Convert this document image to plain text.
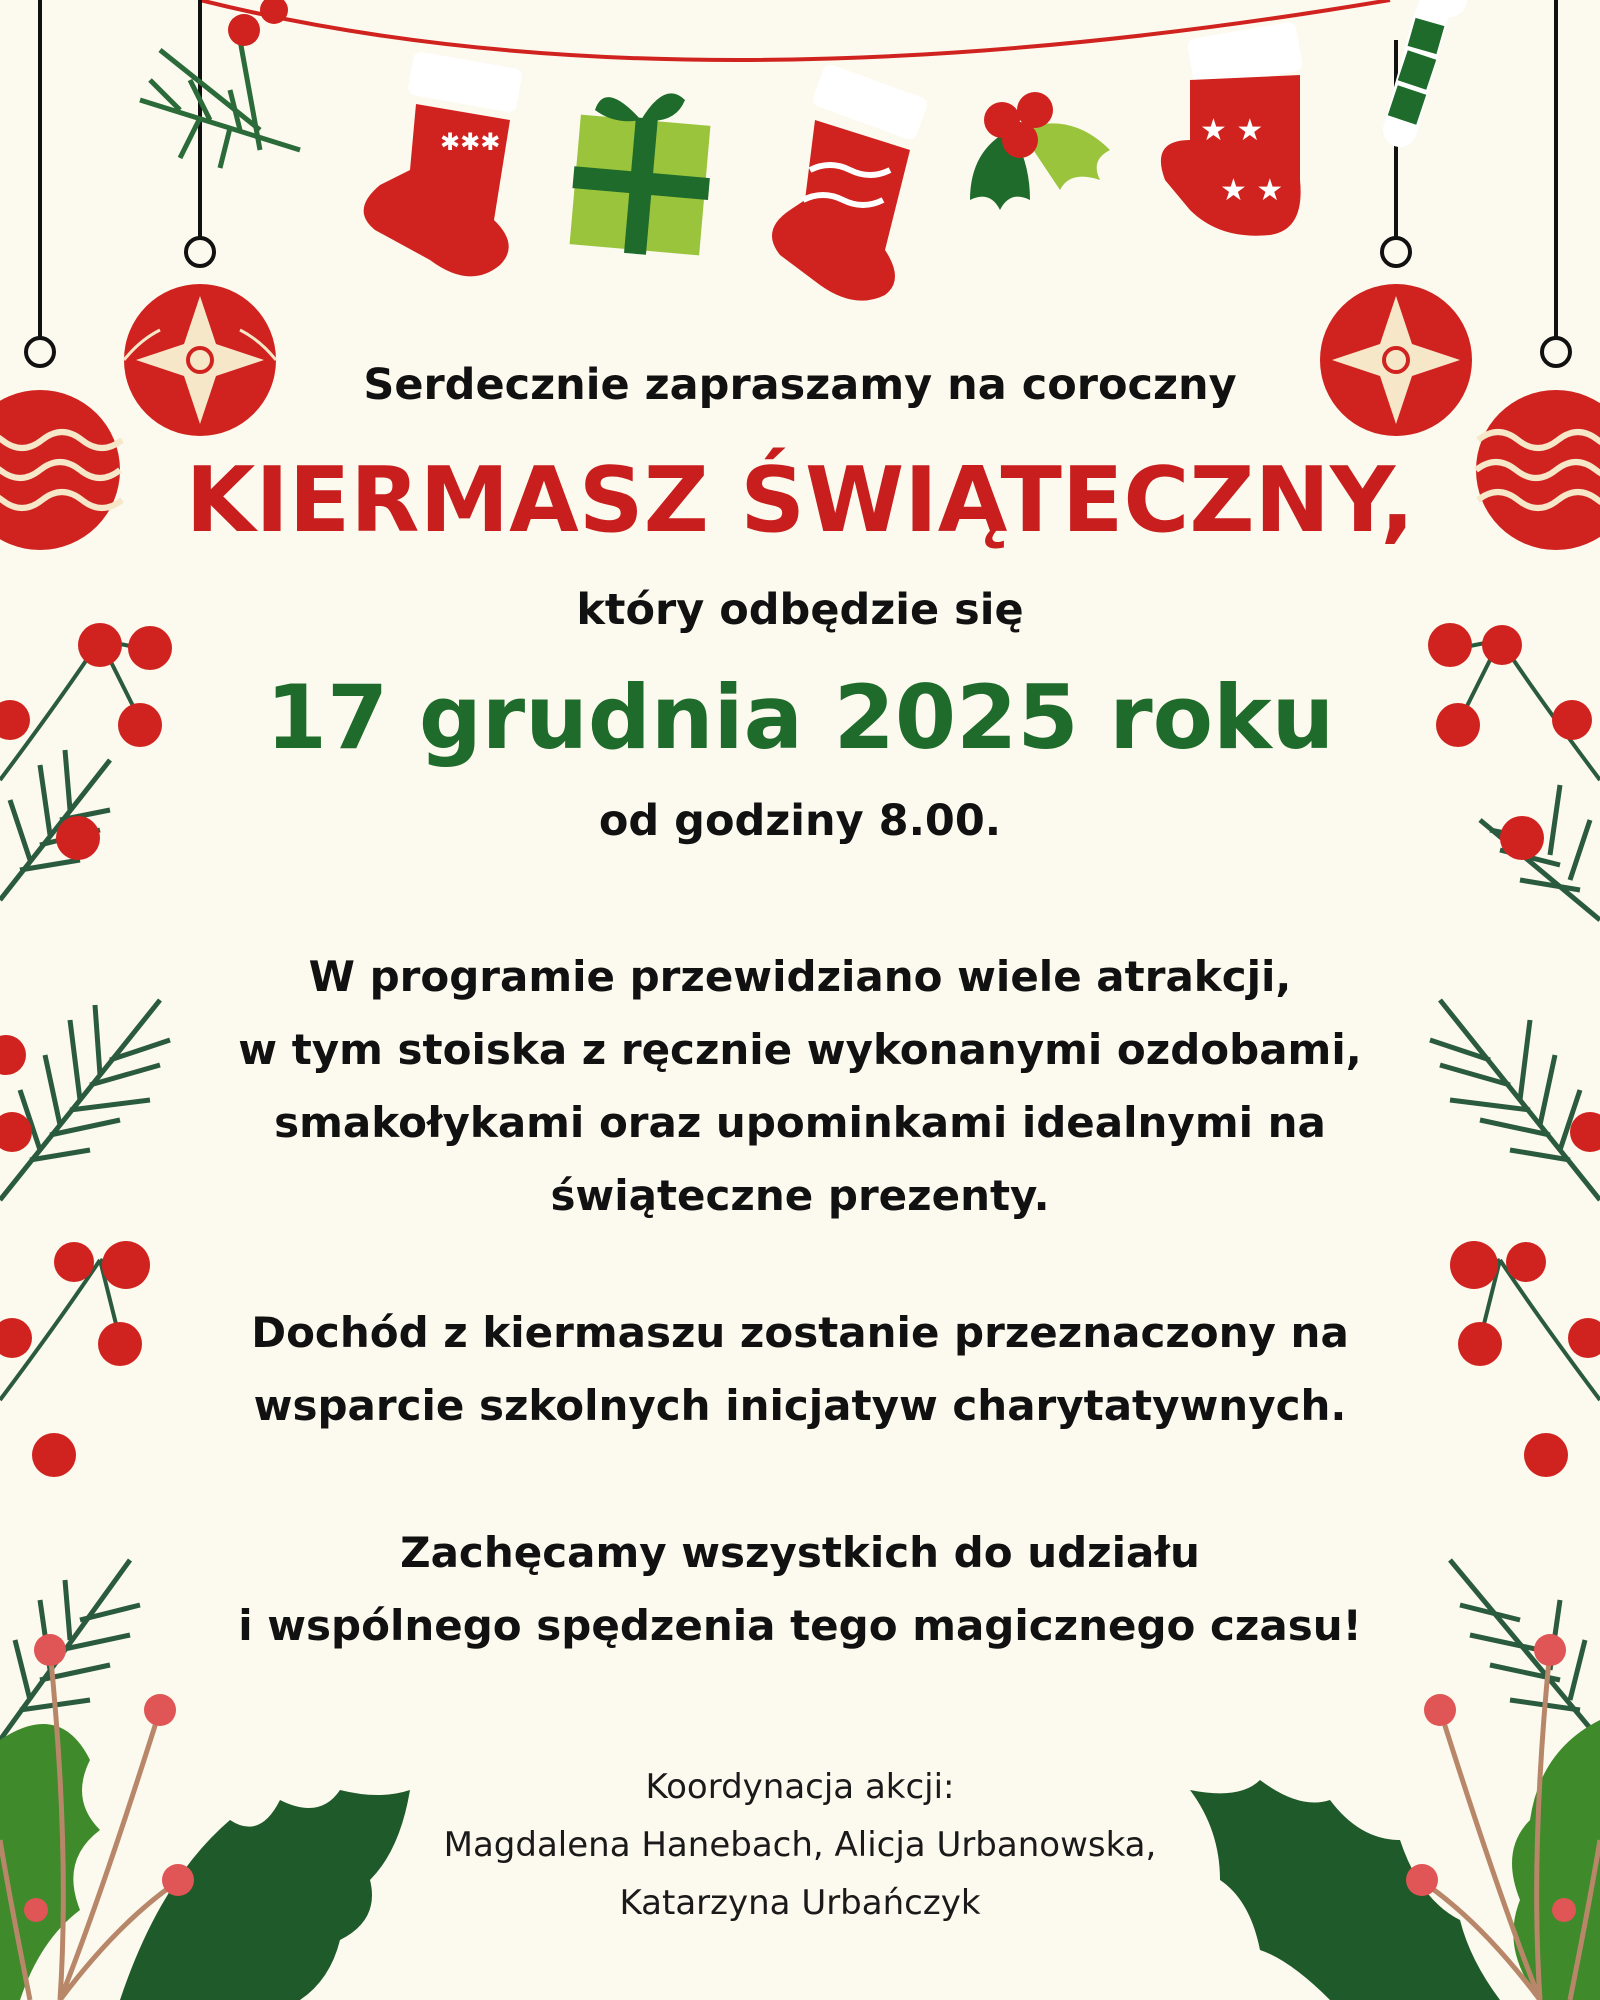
✱✱✱	★ ★
★ ★

Serdecznie zapraszamy na coroczny

KIERMASZ ŚWIĄTECZNY,

który odbędzie się

17 grudnia 2025 roku

od godziny 8.00.

W programie przewidziano wiele atrakcji,
w tym stoiska z ręcznie wykonanymi ozdobami,
smakołykami oraz upominkami idealnymi na
świąteczne prezenty.
Dochód z kiermaszu zostanie przeznaczony na
wsparcie szkolnych inicjatyw charytatywnych.
Zachęcamy wszystkich do udziału
i wspólnego spędzenia tego magicznego czasu!
Koordynacja akcji:
Magdalena Hanebach, Alicja Urbanowska,
Katarzyna Urbańczyk
